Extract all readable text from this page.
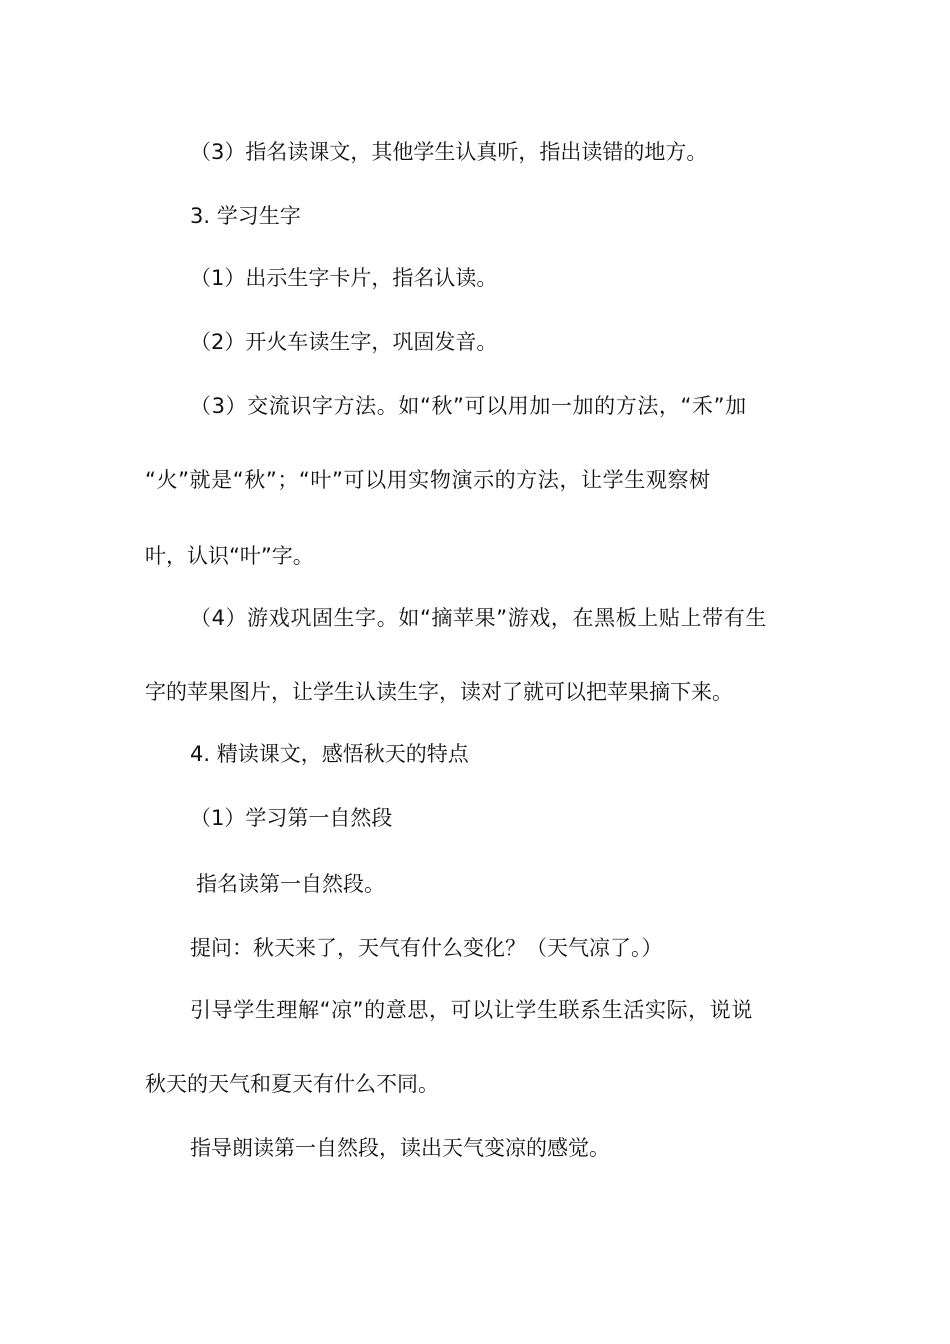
（3）指名读课文，其他学生认真听，指出读错的地方。
3. 学习生字
（1）出示生字卡片，指名认读。
（2）开火车读生字，巩固发音。
（3）交流识字方法。如“秋”可以用加一加的方法，“禾”加
“火”就是“秋”；“叶”可以用实物演示的方法，让学生观察树
叶，认识“叶”字。
（4）游戏巩固生字。如“摘苹果”游戏，在黑板上贴上带有生
字的苹果图片，让学生认读生字，读对了就可以把苹果摘下来。
4. 精读课文，感悟秋天的特点
（1）学习第一自然段
指名读第一自然段。
提问：秋天来了，天气有什么变化？（天气凉了。）
引导学生理解“凉”的意思，可以让学生联系生活实际，说说
秋天的天气和夏天有什么不同。
指导朗读第一自然段，读出天气变凉的感觉。
